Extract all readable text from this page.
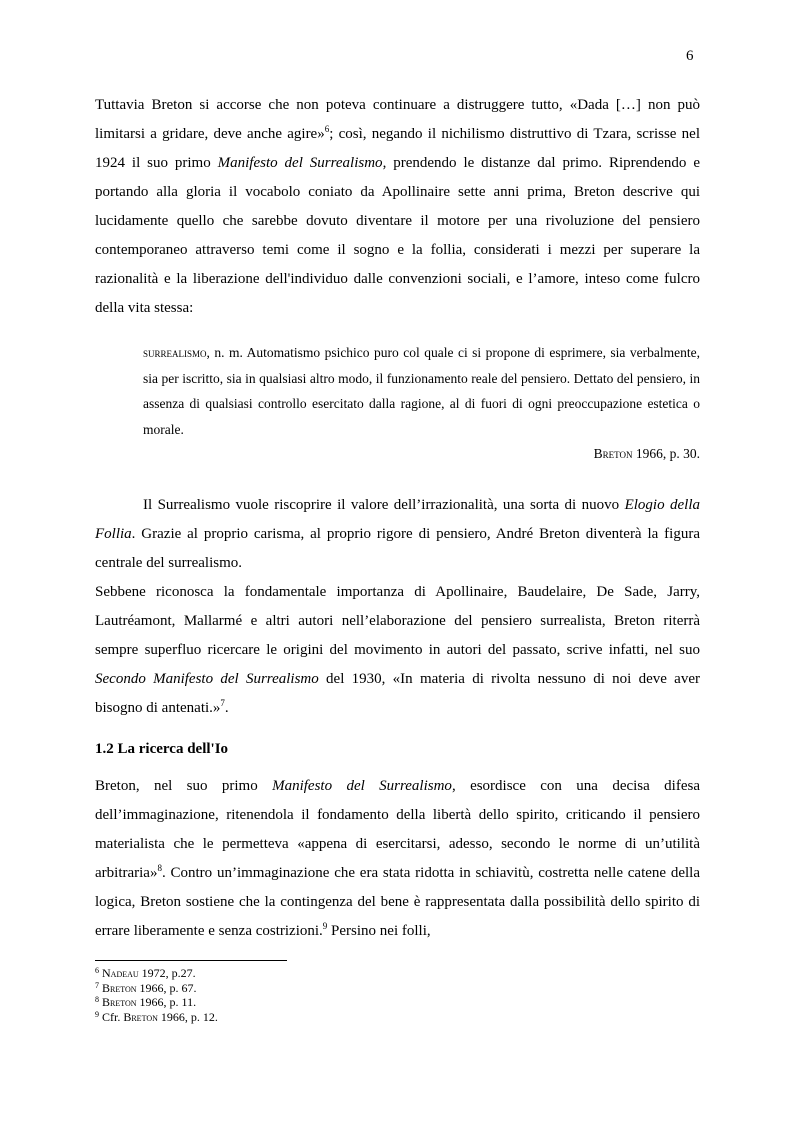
6

Tuttavia Breton si accorse che non poteva continuare a distruggere tutto, «Dada […] non può limitarsi a gridare, deve anche agire»$^6$; così, negando il nichilismo distruttivo di Tzara, scrisse nel 1924 il suo primo Manifesto del Surrealismo, prendendo le distanze dal primo. Riprendendo e portando alla gloria il vocabolo coniato da Apollinaire sette anni prima, Breton descrive qui lucidamente quello che sarebbe dovuto diventare il motore per una rivoluzione del pensiero contemporaneo attraverso temi come il sogno e la follia, considerati i mezzi per superare la razionalità e la liberazione dell'individuo dalle convenzioni sociali, e l’amore, inteso come fulcro della vita stessa:

surrealismo, n. m. Automatismo psichico puro col quale ci si propone di esprimere, sia verbalmente, sia per iscritto, sia in qualsiasi altro modo, il funzionamento reale del pensiero. Dettato del pensiero, in assenza di qualsiasi controllo esercitato dalla ragione, al di fuori di ogni preoccupazione estetica o morale.

Breton 1966, p. 30.

Il Surrealismo vuole riscoprire il valore dell’irrazionalità, una sorta di nuovo Elogio della Follia. Grazie al proprio carisma, al proprio rigore di pensiero, André Breton diventerà la figura centrale del surrealismo.

Sebbene riconosca la fondamentale importanza di Apollinaire, Baudelaire, De Sade, Jarry, Lautréamont, Mallarmé e altri autori nell’elaborazione del pensiero surrealista, Breton riterrà sempre superfluo ricercare le origini del movimento in autori del passato, scrive infatti, nel suo Secondo Manifesto del Surrealismo del 1930, «In materia di rivolta nessuno di noi deve aver bisogno di antenati.»$^7$.

1.2 La ricerca dell'Io

Breton, nel suo primo Manifesto del Surrealismo, esordisce con una decisa difesa dell’immaginazione, ritenendola il fondamento della libertà dello spirito, criticando il pensiero materialista che le permetteva «appena di esercitarsi, adesso, secondo le norme di un’utilità arbitraria»$^8$. Contro un’immaginazione che era stata ridotta in schiavitù, costretta nelle catene della logica, Breton sostiene che la contingenza del bene è rappresentata dalla possibilità dello spirito di errare liberamente e senza costrizioni.$^9$ Persino nei folli,

$^6$ Nadeau 1972, p.27.
$^7$ Breton 1966, p. 67.
$^8$ Breton 1966, p. 11.
$^9$ Cfr. Breton 1966, p. 12.
